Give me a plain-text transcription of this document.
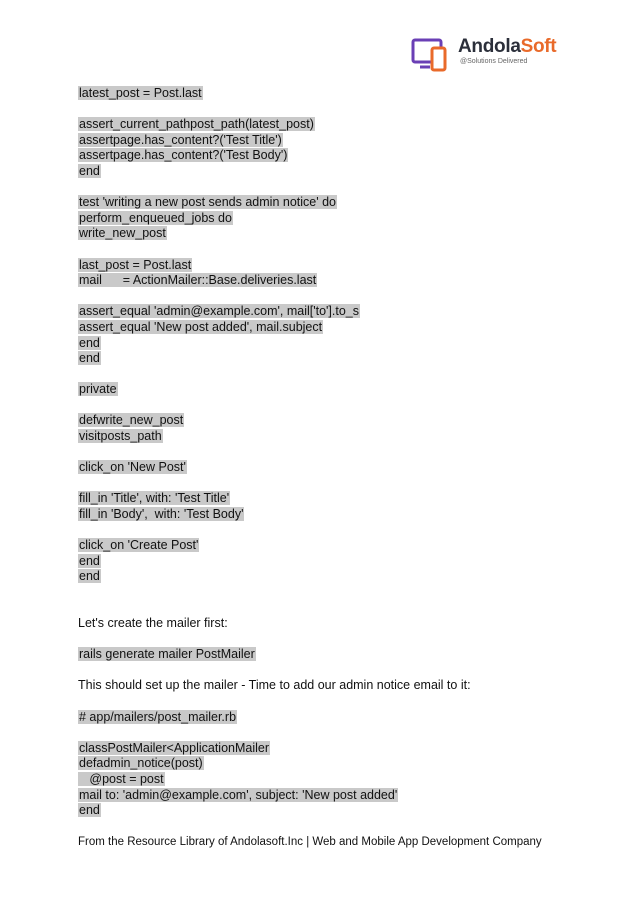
AndolaSoft
@Solutions Delivered
latest_post = Post.last
assert_current_pathpost_path(latest_post)
assertpage.has_content?('Test Title')
assertpage.has_content?('Test Body')
end
test 'writing a new post sends admin notice' do
perform_enqueued_jobs do
write_new_post
last_post = Post.last
mail      = ActionMailer::Base.deliveries.last
assert_equal 'admin@example.com', mail['to'].to_s
assert_equal 'New post added', mail.subject
end
end
private
defwrite_new_post
visitposts_path
click_on 'New Post'
fill_in 'Title', with: 'Test Title'
fill_in 'Body',  with: 'Test Body'
click_on 'Create Post'
end
end
Let's create the mailer first:
rails generate mailer PostMailer
This should set up the mailer - Time to add our admin notice email to it:
# app/mailers/post_mailer.rb
classPostMailer<ApplicationMailer
defadmin_notice(post)
@post = post
mail to: 'admin@example.com', subject: 'New post added'
end
From the Resource Library of Andolasoft.Inc | Web and Mobile App Development Company
